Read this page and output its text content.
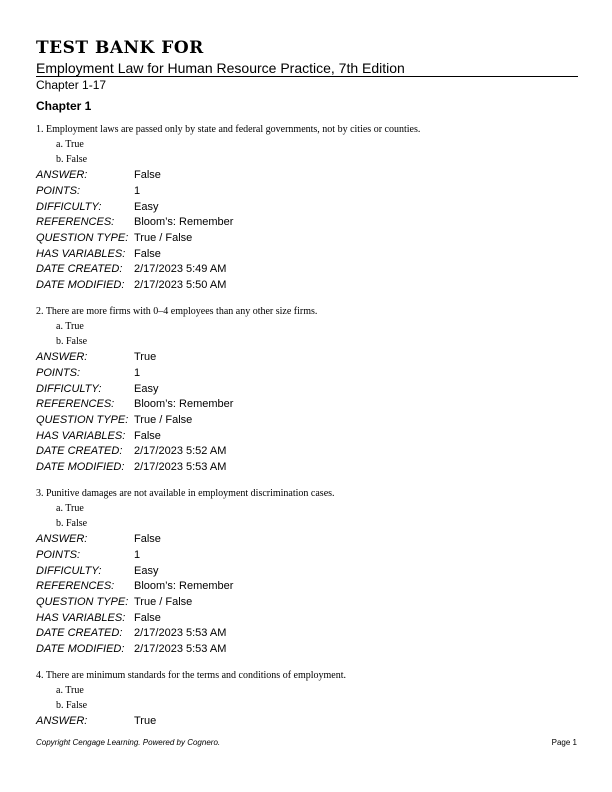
TEST BANK FOR
Employment Law for Human Resource Practice, 7th Edition
Chapter 1-17
Chapter 1
1. Employment laws are passed only by state and federal governments, not by cities or counties.
a. True
b. False
ANSWER:	False
POINTS:	1
DIFFICULTY:	Easy
REFERENCES: Bloom’s: Remember
QUESTION TYPE: True / False
HAS VARIABLES: False
DATE CREATED: 2/17/2023 5:49 AM
DATE MODIFIED: 2/17/2023 5:50 AM
2. There are more firms with 0–4 employees than any other size firms.
a. True
b. False
ANSWER:	True
POINTS:	1
DIFFICULTY:	Easy
REFERENCES: Bloom’s: Remember
QUESTION TYPE: True / False
HAS VARIABLES: False
DATE CREATED: 2/17/2023 5:52 AM
DATE MODIFIED: 2/17/2023 5:53 AM
3. Punitive damages are not available in employment discrimination cases.
a. True
b. False
ANSWER:	False
POINTS:	1
DIFFICULTY:	Easy
REFERENCES: Bloom’s: Remember
QUESTION TYPE: True / False
HAS VARIABLES: False
DATE CREATED: 2/17/2023 5:53 AM
DATE MODIFIED: 2/17/2023 5:53 AM
4. There are minimum standards for the terms and conditions of employment.
a. True
b. False
ANSWER:	True
Copyright Cengage Learning. Powered by Cognero.	Page 1
